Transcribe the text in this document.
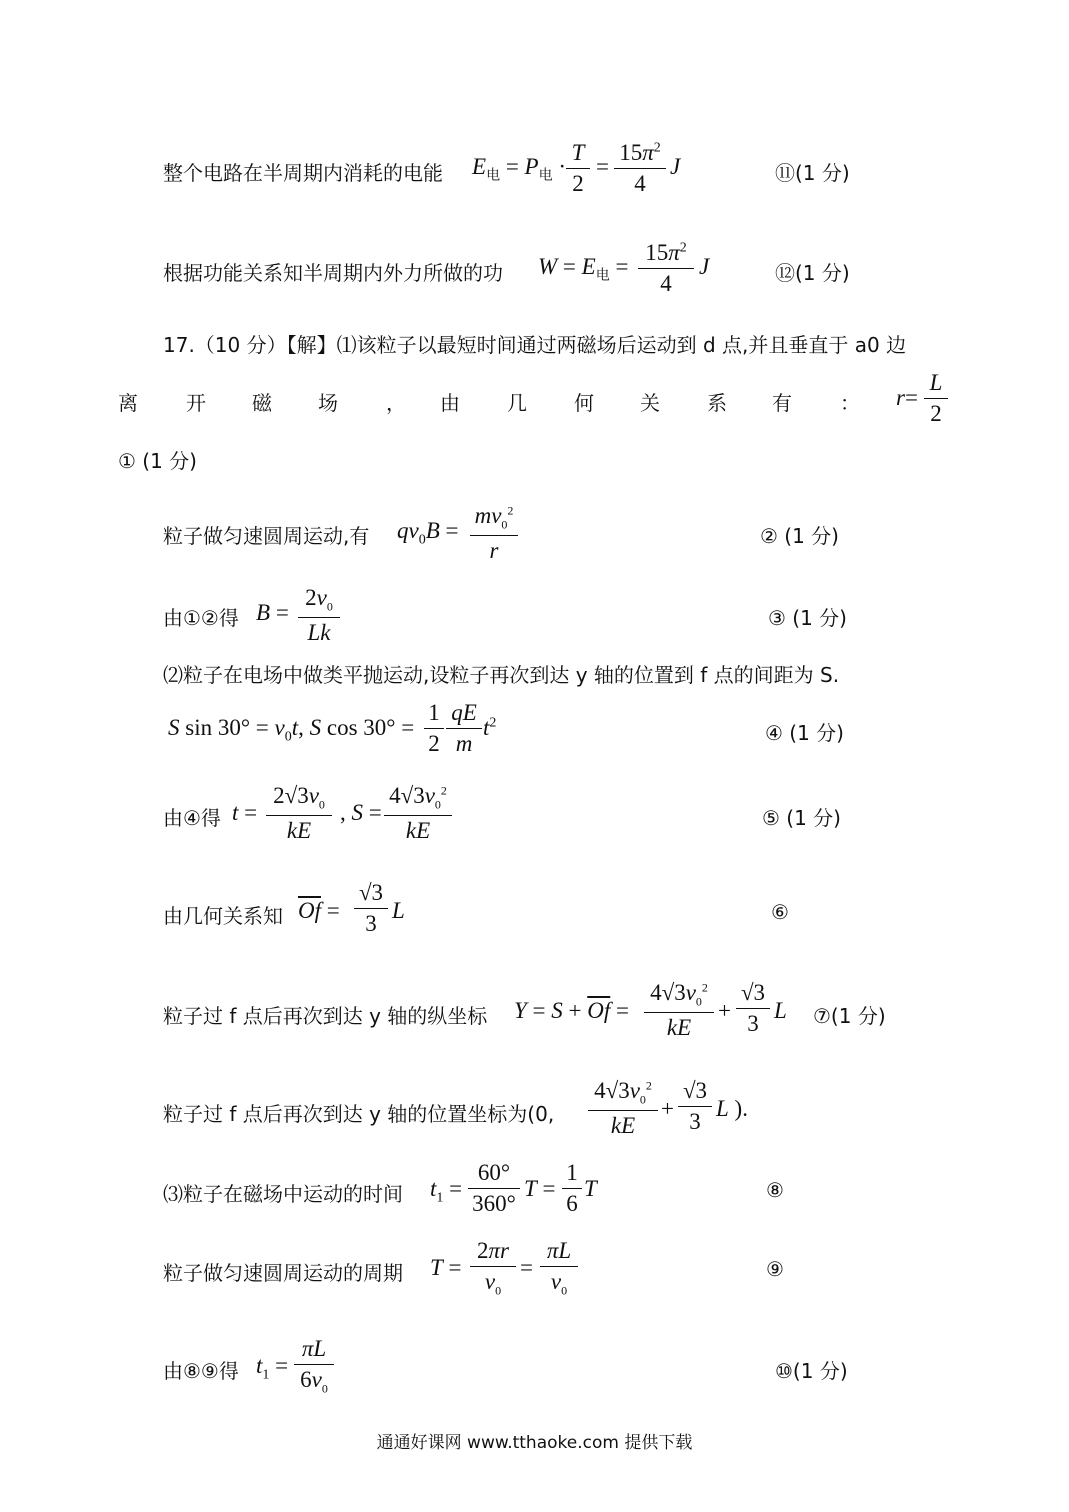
整个电路在半周期内消耗的电能 $E_电 = P_电$ ·
T
2
=
$15\pi^2$
4
J	⑪(1 分)
根据功能关系知半周期内外力所做的功 $W = E_电$ =
$15\pi^2$
4
J	⑫(1 分)
17.（10 分）【解】⑴该粒子以最短时间通过两磁场后运动到 d 点,并且垂直于 a0 边
离 开 磁 场 ， 由 几 何 关 系 有 ： r=
L
2
① (1 分)
粒子做匀速圆周运动,有 $qv_0B$ =
$mv_0^2$
r
② (1 分)
由①②得 B =
$2v_0$
Lk
③ (1 分)
⑵粒子在电场中做类平抛运动,设粒子再次到达 y 轴的位置到 f 点的间距为 S.
S $\sin 30^\circ = v_0t$, S cos 30° =
1
2
qE
m
$t^2$	④ (1 分)
由④得 t =
$2√3v_0$
kE
, S =
$4√3v_0^2$
kE	⑤ (1 分)
由几何关系知 $\overline{Of}$ =
√3
3
L	⑥
粒子过 f 点后再次到达 y 轴的纵坐标 $Y = S + \overline{Of}$ =
$4√3v_0^2$
kE
+
√3
3
L ⑦(1 分)
粒子过 f 点后再次到达 y 轴的位置坐标为(0,
$4√3v_0^2$
kE
+
√3
3
L ).
⑶粒子在磁场中运动的时间 $t_1$ =
60°
360°
T =
1
6
T	⑧
粒子做匀速圆周运动的周期 T =
2πr
$v_0$
=
πL
$v_0$
⑨
由⑧⑨得 $t_1$ =
πL
$6v_0$
⑩(1 分)
通通好课网 www.tthaoke.com 提供下载
